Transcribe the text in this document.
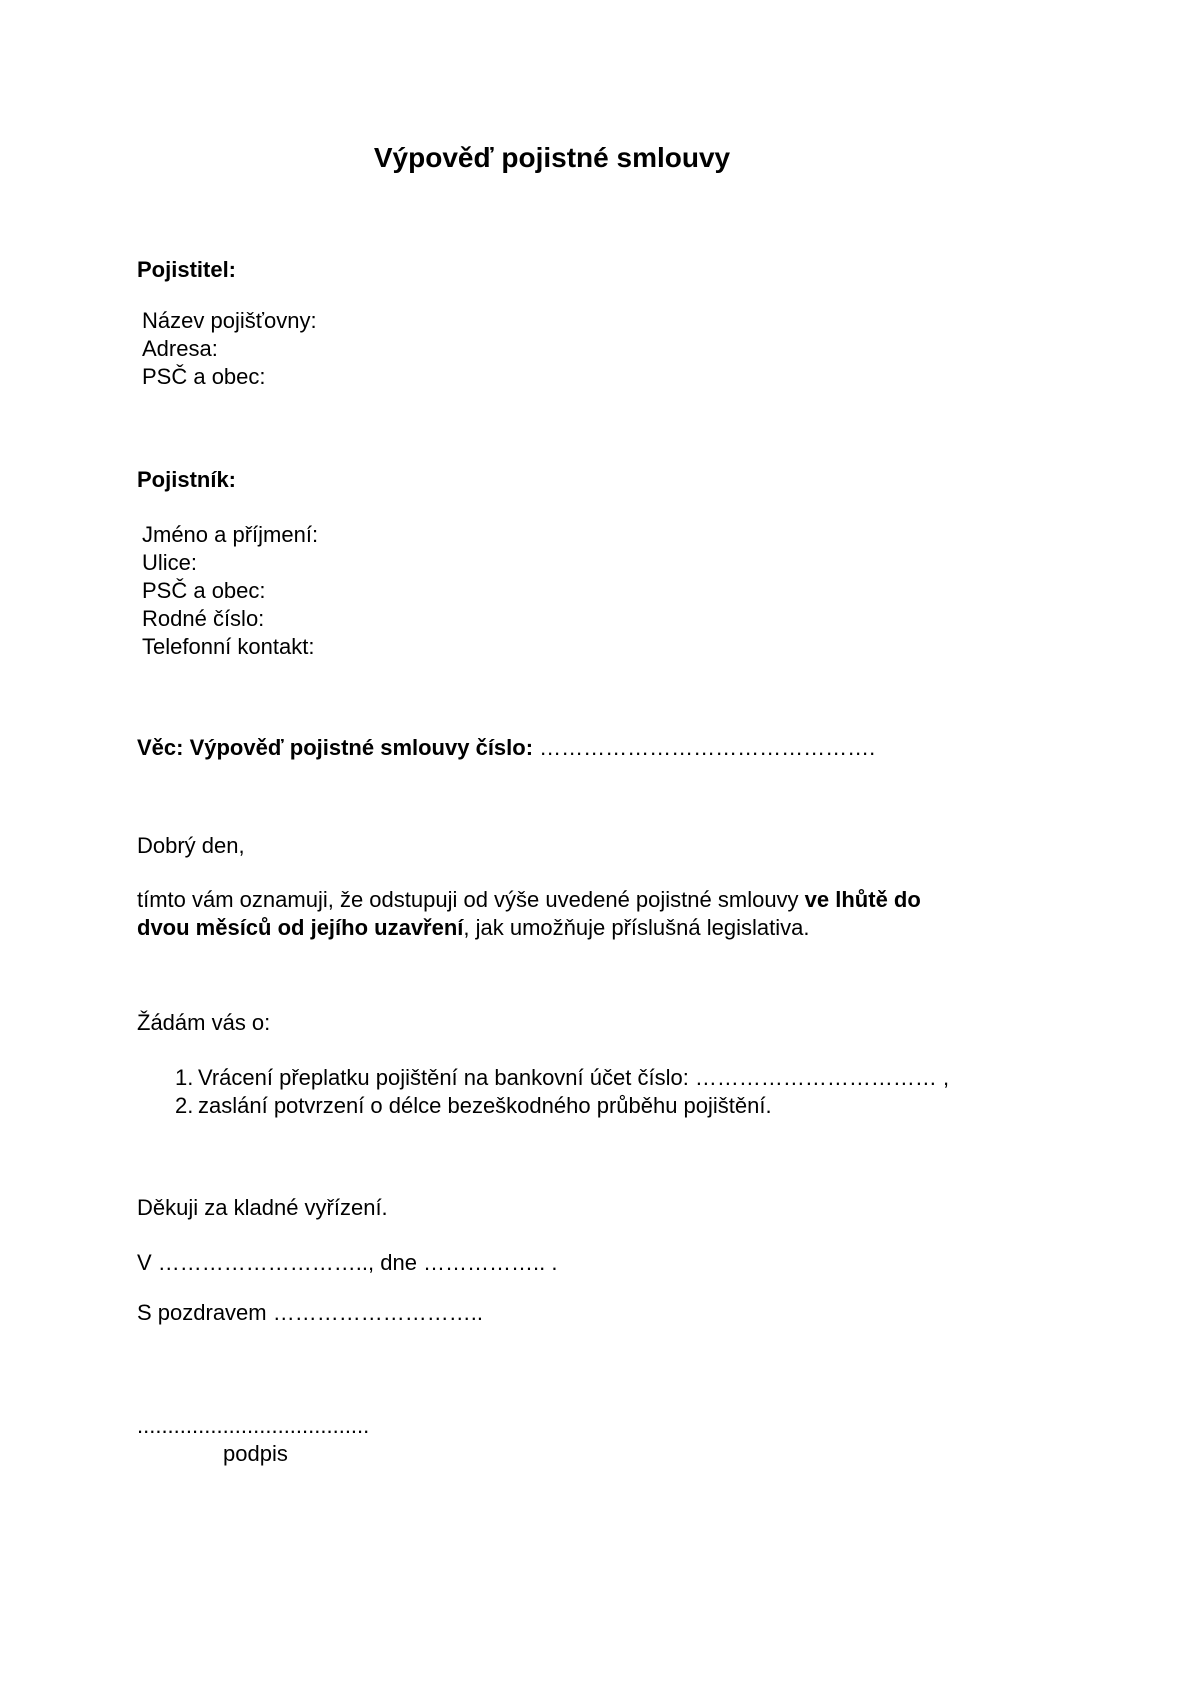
Výpověď pojistné smlouvy

Pojistitel:

Název pojišťovny:

Adresa:

PSČ a obec:

Pojistník:

Jméno a příjmení:

Ulice:

PSČ a obec:

Rodné číslo:

Telefonní kontakt:

Věc: Výpověď pojistné smlouvy číslo: ……………………………………….

Dobrý den,

tímto vám oznamuji, že odstupuji od výše uvedené pojistné smlouvy ve lhůtě do dvou měsíců od jejího uzavření, jak umožňuje příslušná legislativa.

Žádám vás o:

1. Vrácení přeplatku pojištění na bankovní účet číslo: …………………………… ,
2. zaslání potvrzení o délce bezeškodného průběhu pojištění.

Děkuji za kladné vyřízení.

V ……………………….., dne …………….. .

S pozdravem ………………………..

......................................

podpis
